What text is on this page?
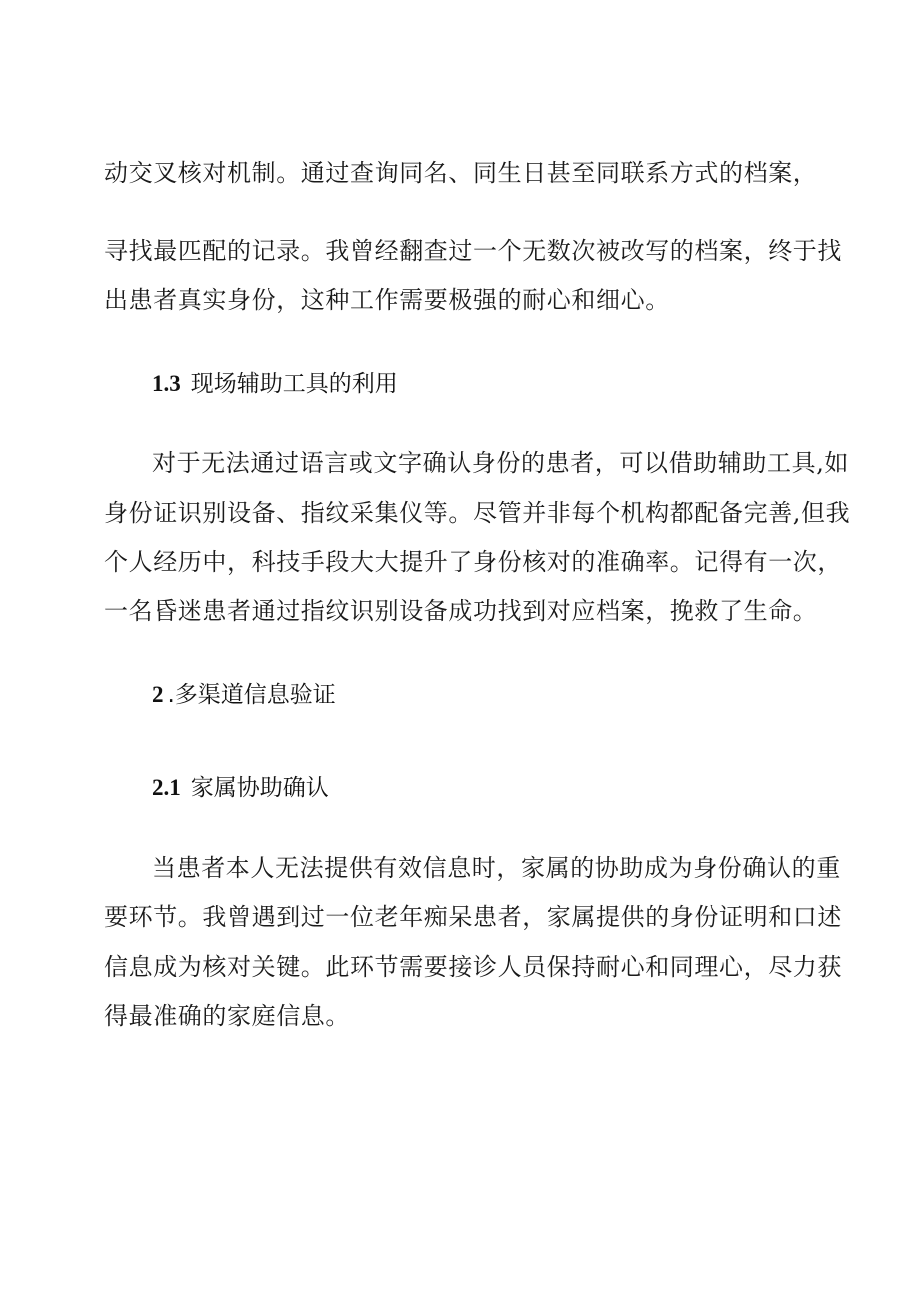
动交叉核对机制。通过查询同名、同生日甚至同联系方式的档案，
寻找最匹配的记录。我曾经翻查过一个无数次被改写的档案，终于找
出患者真实身份，这种工作需要极强的耐心和细心。
1.3 现场辅助工具的利用
对于无法通过语言或文字确认身份的患者，可以借助辅助工具,如
身份证识别设备、指纹采集仪等。尽管并非每个机构都配备完善,但我
个人经历中，科技手段大大提升了身份核对的准确率。记得有一次，
一名昏迷患者通过指纹识别设备成功找到对应档案，挽救了生命。
2 .多渠道信息验证
2.1 家属协助确认
当患者本人无法提供有效信息时，家属的协助成为身份确认的重
要环节。我曾遇到过一位老年痴呆患者，家属提供的身份证明和口述
信息成为核对关键。此环节需要接诊人员保持耐心和同理心，尽力获
得最准确的家庭信息。
